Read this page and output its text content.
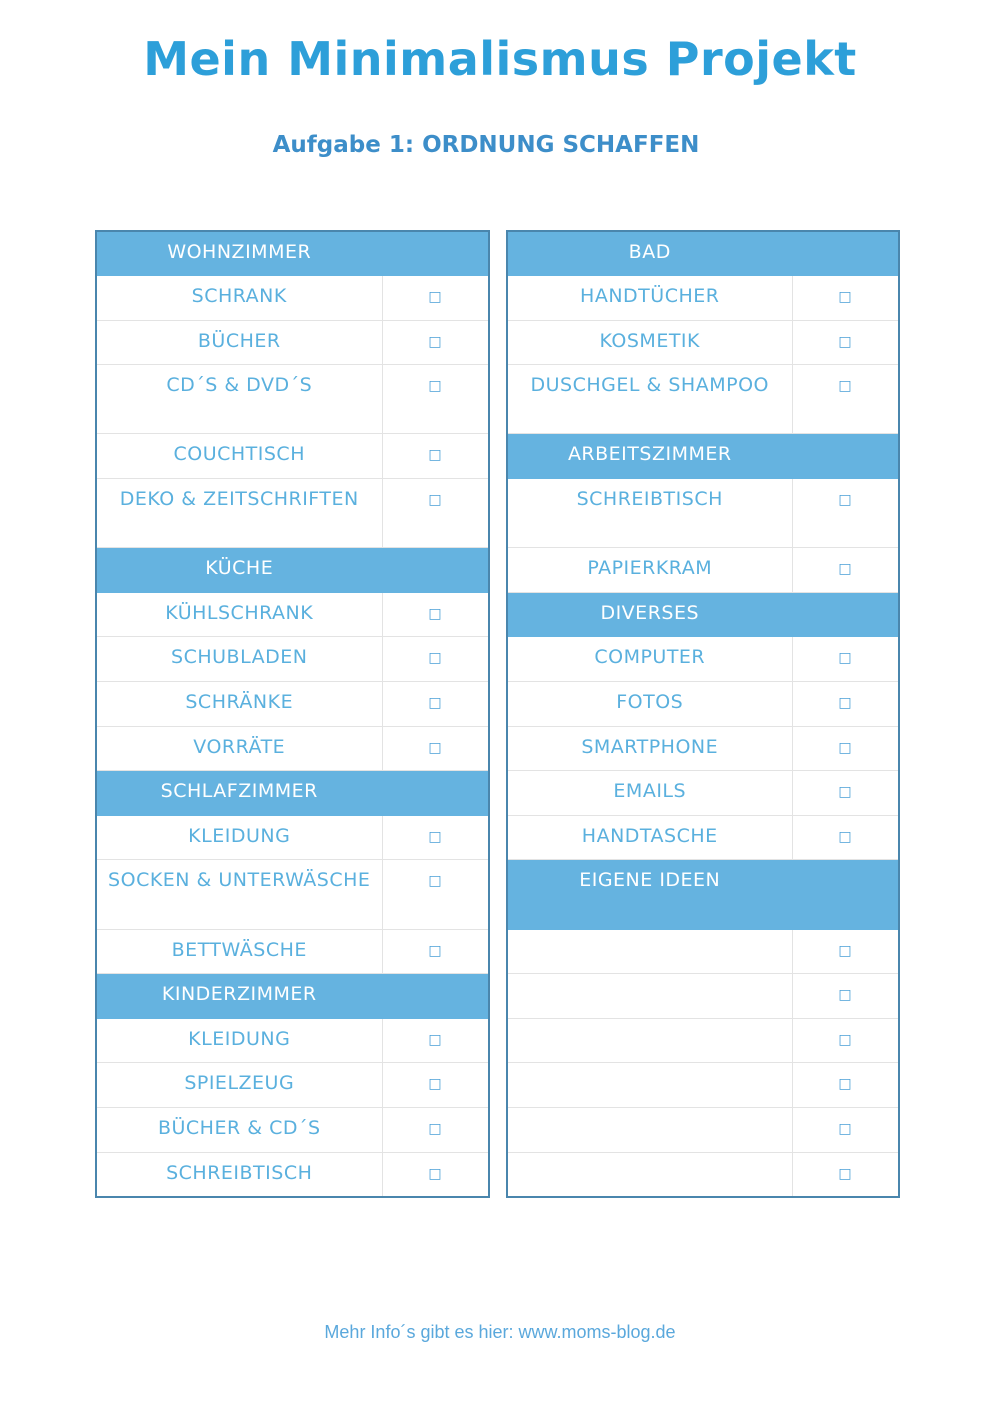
Mein Minimalismus Projekt
Aufgabe 1: ORDNUNG SCHAFFEN
WOHNZIMMER	
SCHRANK	□
BÜCHER	□
CD´S & DVD´S	□
COUCHTISCH	□
DEKO & ZEITSCHRIFTEN	□
KÜCHE	
KÜHLSCHRANK	□
SCHUBLADEN	□
SCHRÄNKE	□
VORRÄTE	□
SCHLAFZIMMER	
KLEIDUNG	□
SOCKEN & UNTERWÄSCHE	□
BETTWÄSCHE	□
KINDERZIMMER	
KLEIDUNG	□
SPIELZEUG	□
BÜCHER & CD´S	□
SCHREIBTISCH	□
BAD	
HANDTÜCHER	□
KOSMETIK	□
DUSCHGEL & SHAMPOO	□
ARBEITSZIMMER	
SCHREIBTISCH	□
PAPIERKRAM	□
DIVERSES	
COMPUTER	□
FOTOS	□
SMARTPHONE	□
EMAILS	□
HANDTASCHE	□
EIGENE IDEEN	
	□
	□
	□
	□
	□
	□
Mehr Info´s gibt es hier: www.moms-blog.de
